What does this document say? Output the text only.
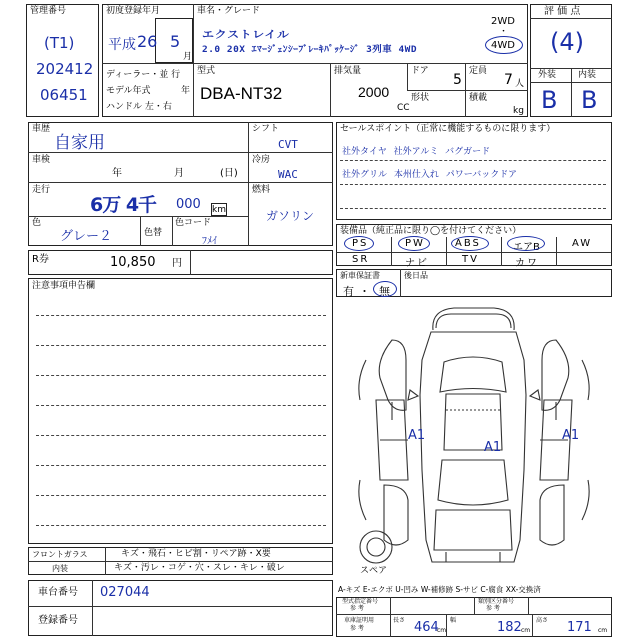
管理番号
(T1)
202412
06451
初度登録年月
平成 26 5
月
車名・グレード
エクストレイル
2.0 20X ｴﾏｰｼﾞｪﾝｼｰﾌﾞﾚｰｷﾊﾟｯｹｰｼﾞ 3列車 4WD
2WD
・
4WD
ディーラー・並 行
モデル年式	年
ハンドル 左・右
型式
DBA-NT32
排気量
2000
CC
ドア
5
定員
7 人
形状	積載
kg
評 価 点
(4)
外装 内装
B B
車歴
自家用
車検
年	月	(日)
走行
6万 4千 000 km
色
グレー２	色替
色コード
ﾌﾒｲ
シフト
CVT
冷房
WAC
燃料
ガソリン
R券	10,850 円
注意事項申告欄
セールスポイント（正常に機能するものに限ります）
社外タイヤ 社外アルミ バグガード
社外グリル 本州仕入れ パワーバックドア
装備品（純正品に限り◯を付けてください）
PS	PW	ABS	エアB	AW
SR	ナビ	TV	カワ
新車保証書
有 ・ 無
後日品
A1
A1
A1
スペア
フロントガラス	キズ・飛石・ヒビ割・リペア跡・X要
内装	キズ・汚レ・コゲ・穴・スレ・キレ・破レ
車台番号 027044
登録番号
A-キズ E-エクボ U-凹み W-補修跡 S-サビ C-腐食 XX-交換済
型式指定番号
参 考
類別区分番号
参 考
車庫証明用
参 考
長さ 464
cm
幅	182 cm
高さ 171 cm
